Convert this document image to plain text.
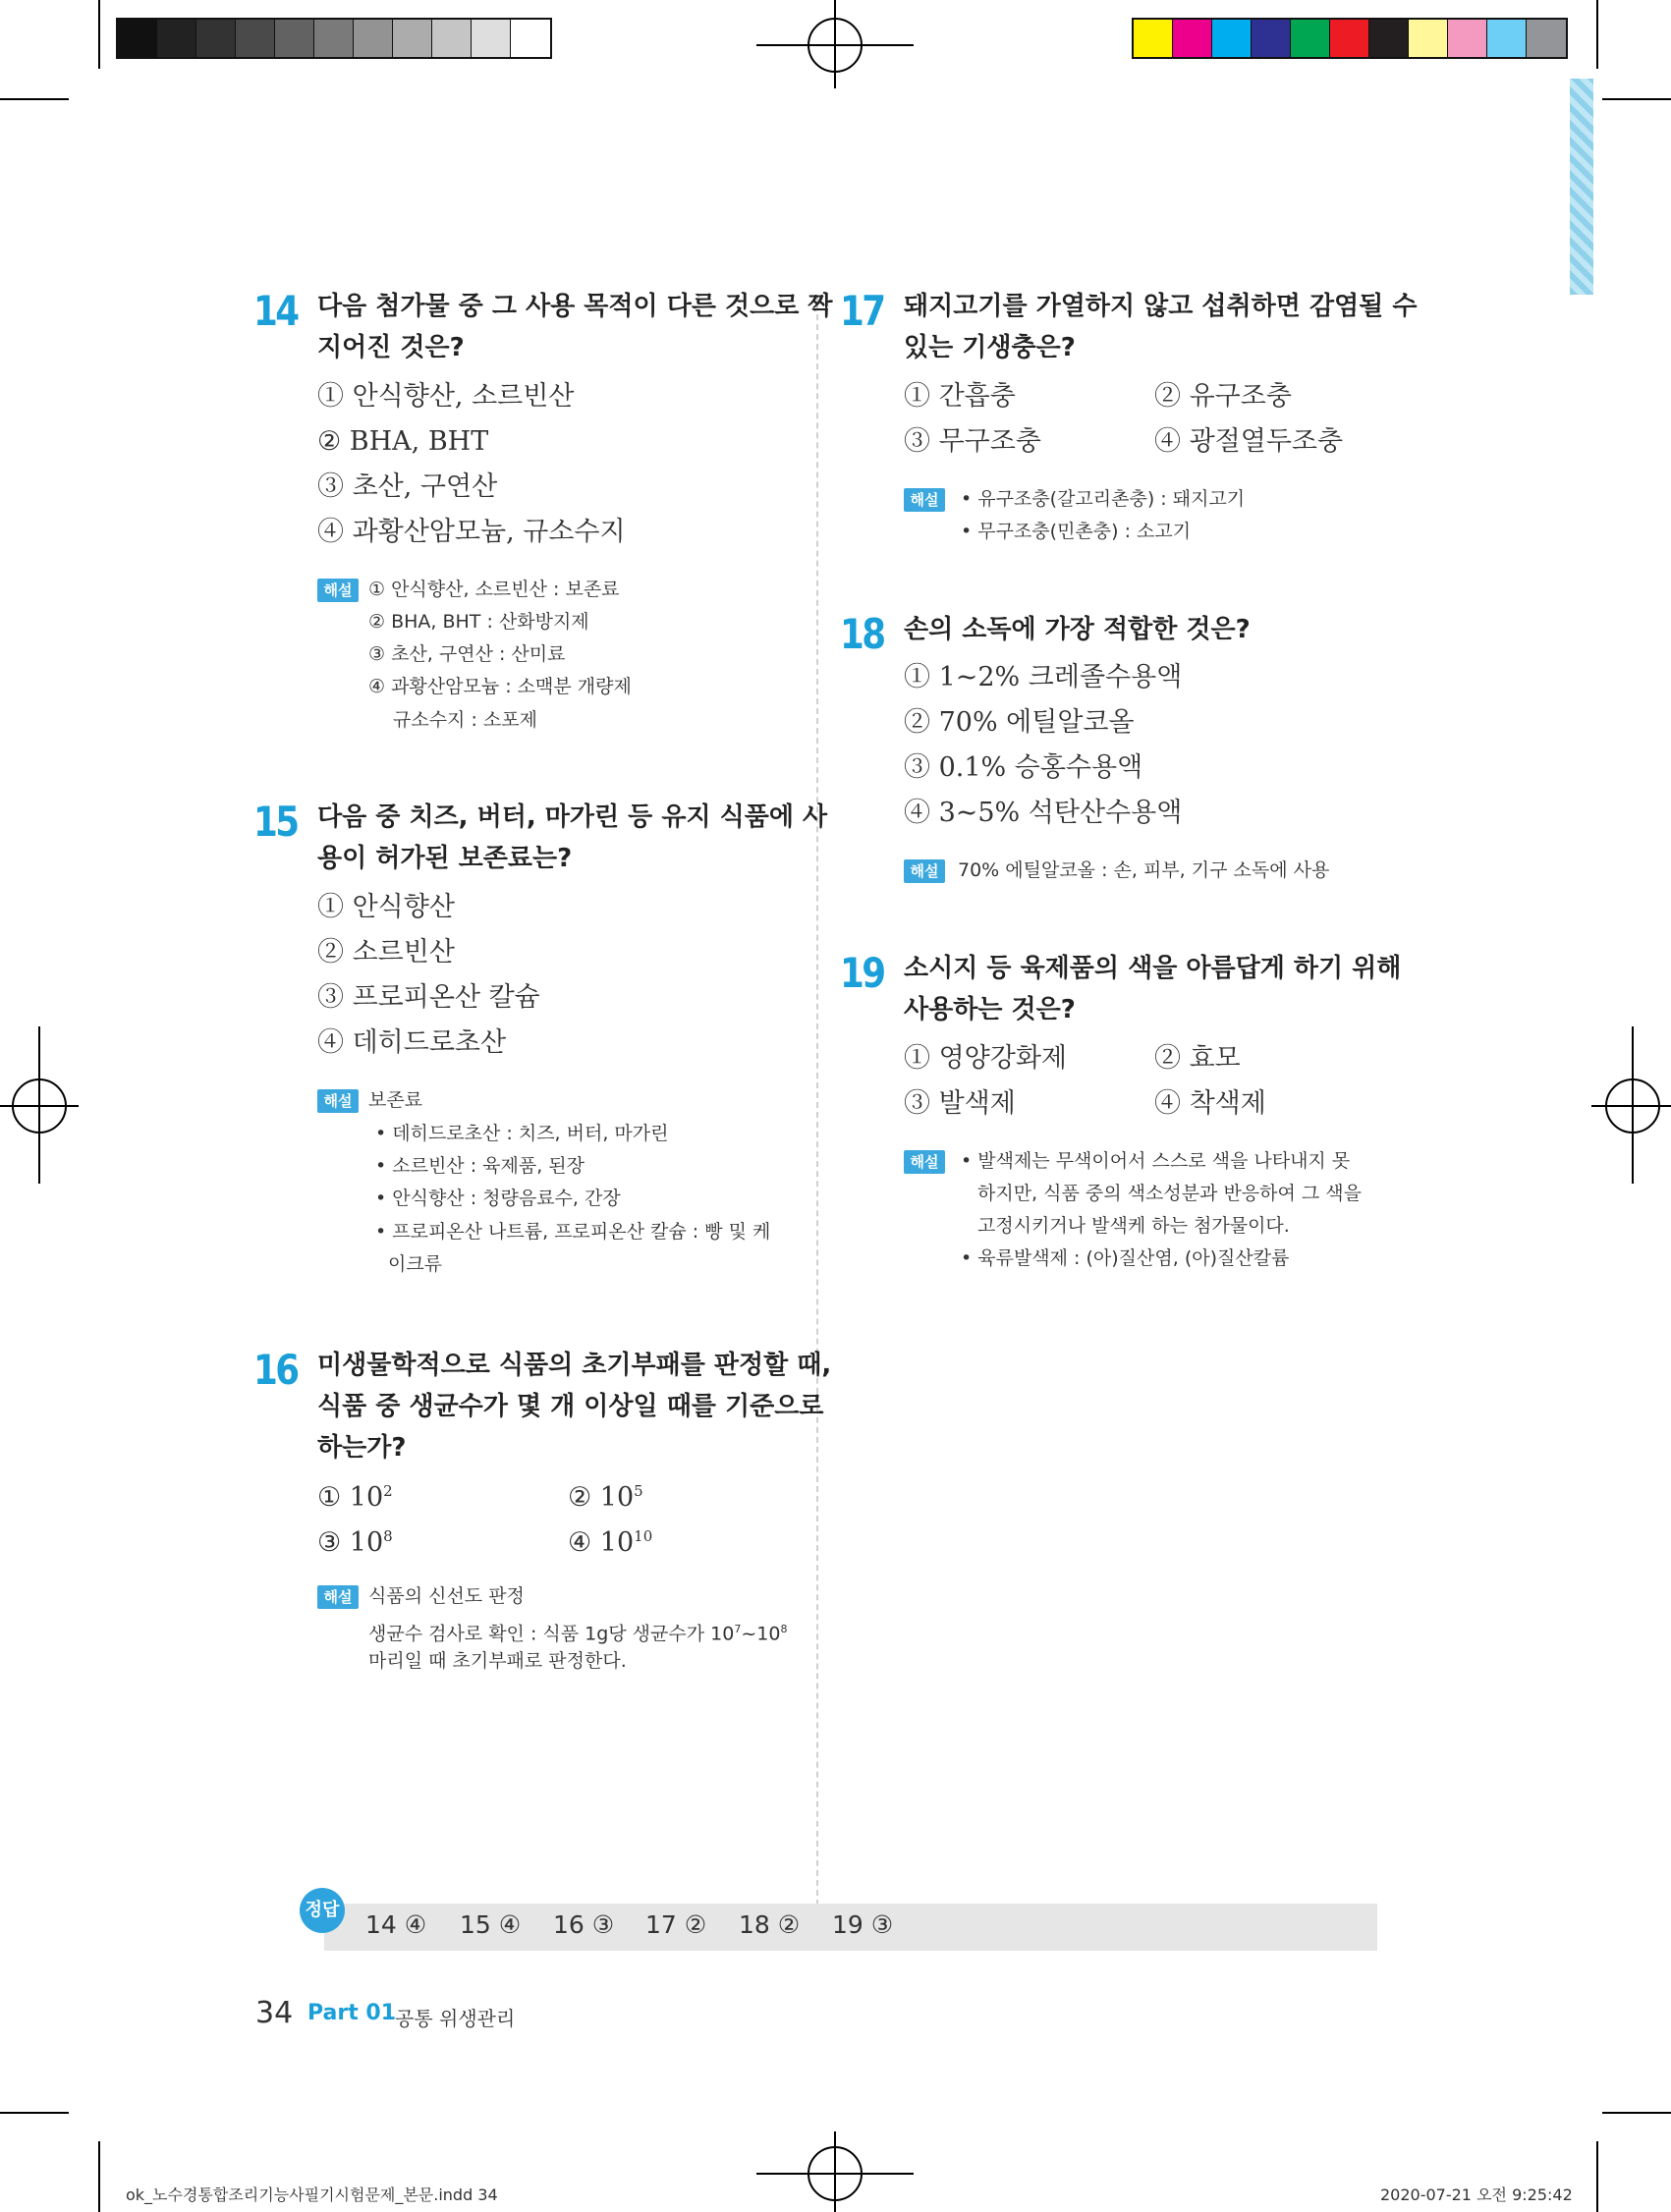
14 다음 첨가물 중 그 사용 목적이 다른 것으로 짝
지어진 것은?
① 안식향산, 소르빈산
② BHA, BHT
③ 초산, 구연산
④ 과황산암모늄, 규소수지
해설 ① 안식향산, 소르빈산 : 보존료
② BHA, BHT : 산화방지제
③ 초산, 구연산 : 산미료
④ 과황산암모늄 : 소맥분 개량제
규소수지 : 소포제
15 다음 중 치즈, 버터, 마가린 등 유지 식품에 사
용이 허가된 보존료는?
① 안식향산
② 소르빈산
③ 프로피온산 칼슘
④ 데히드로초산
해설 보존료
• 데히드로초산 : 치즈, 버터, 마가린
• 소르빈산 : 육제품, 된장
• 안식향산 : 청량음료수, 간장
• 프로피온산 나트륨, 프로피온산 칼슘 : 빵 및 케
이크류
16 미생물학적으로 식품의 초기부패를 판정할 때,
식품 중 생균수가 몇 개 이상일 때를 기준으로
하는가?
① $10^2$	② $10^5$
③ $10^8$	④ $10^{10}$
해설 식품의 신선도 판정
생균수 검사로 확인 : 식품 1g당 생균수가 $10^7\sim 10^8$
마리일 때 초기부패로 판정한다.
17 돼지고기를 가열하지 않고 섭취하면 감염될 수
있는 기생충은?
① 간흡충	② 유구조충
③ 무구조충	④ 광절열두조충
해설	• 유구조충(갈고리촌충) : 돼지고기
• 무구조충(민촌충) : 소고기
18 손의 소독에 가장 적합한 것은?
① 1~2% 크레졸수용액
② 70% 에틸알코올
③ 0.1% 승홍수용액
④ 3~5% 석탄산수용액
해설	70% 에틸알코올 : 손, 피부, 기구 소독에 사용
19 소시지 등 육제품의 색을 아름답게 하기 위해
사용하는 것은?
① 영양강화제	② 효모
③ 발색제	④ 착색제
해설	• 발색제는 무색이어서 스스로 색을 나타내지 못
하지만, 식품 중의 색소성분과 반응하여 그 색을
고정시키거나 발색케 하는 첨가물이다.
• 육류발색제 : (아)질산염, (아)질산칼륨
정답
14 ④ 15 ④ 16 ③ 17 ② 18 ② 19 ③
34 Part 01
공통 위생관리
ok_노수경통합조리기능사필기시험문제_본문.indd 34	2020-07-21 오전 9:25:42
